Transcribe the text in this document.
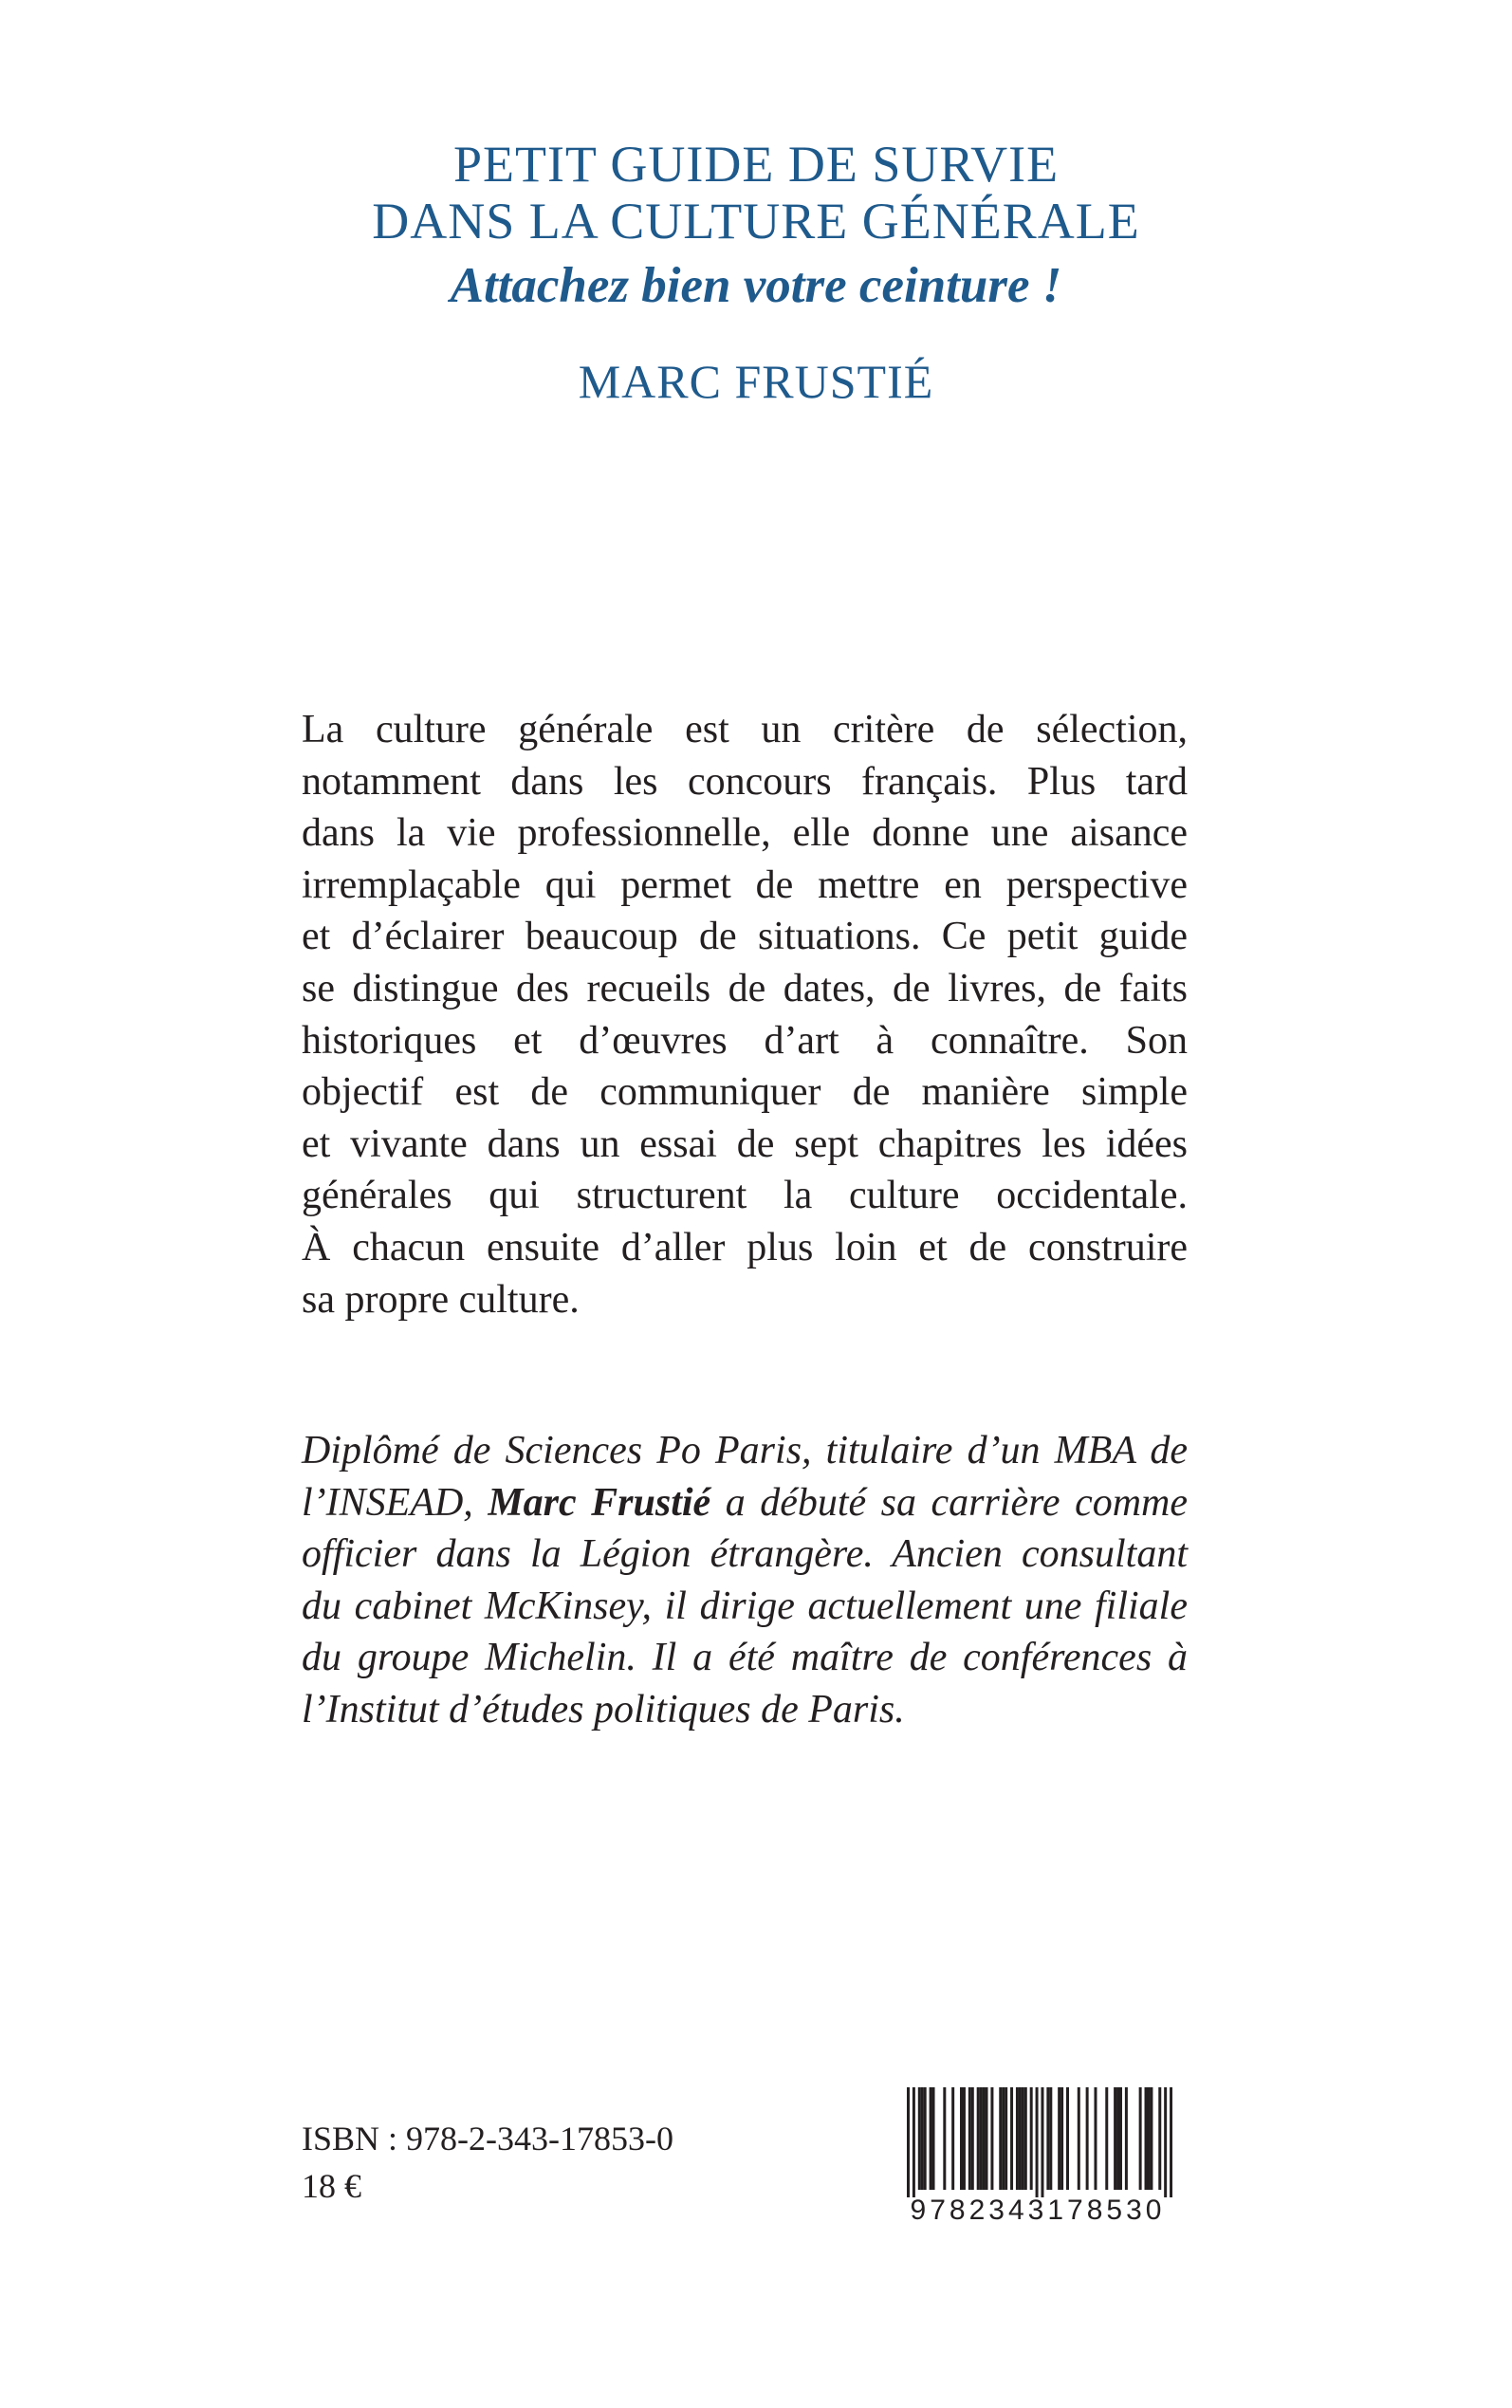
PETIT GUIDE DE SURVIE
DANS LA CULTURE GÉNÉRALE
Attachez bien votre ceinture !
MARC FRUSTIÉ
La culture générale est un critère de sélection,
notamment dans les concours français. Plus tard
dans la vie professionnelle, elle donne une aisance
irremplaçable qui permet de mettre en perspective
et d’éclairer beaucoup de situations. Ce petit guide
se distingue des recueils de dates, de livres, de faits
historiques et d’œuvres d’art à connaître. Son
objectif est de communiquer de manière simple
et vivante dans un essai de sept chapitres les idées
générales qui structurent la culture occidentale.
À chacun ensuite d’aller plus loin et de construire
sa propre culture.
Diplômé de Sciences Po Paris, titulaire d’un MBA de
l’INSEAD, Marc Frustié a débuté sa carrière comme
officier dans la Légion étrangère. Ancien consultant
du cabinet McKinsey, il dirige actuellement une filiale
du groupe Michelin. Il a été maître de conférences à
l’Institut d’études politiques de Paris.
ISBN : 978-2-343-17853-0
18 €
9782343178530
